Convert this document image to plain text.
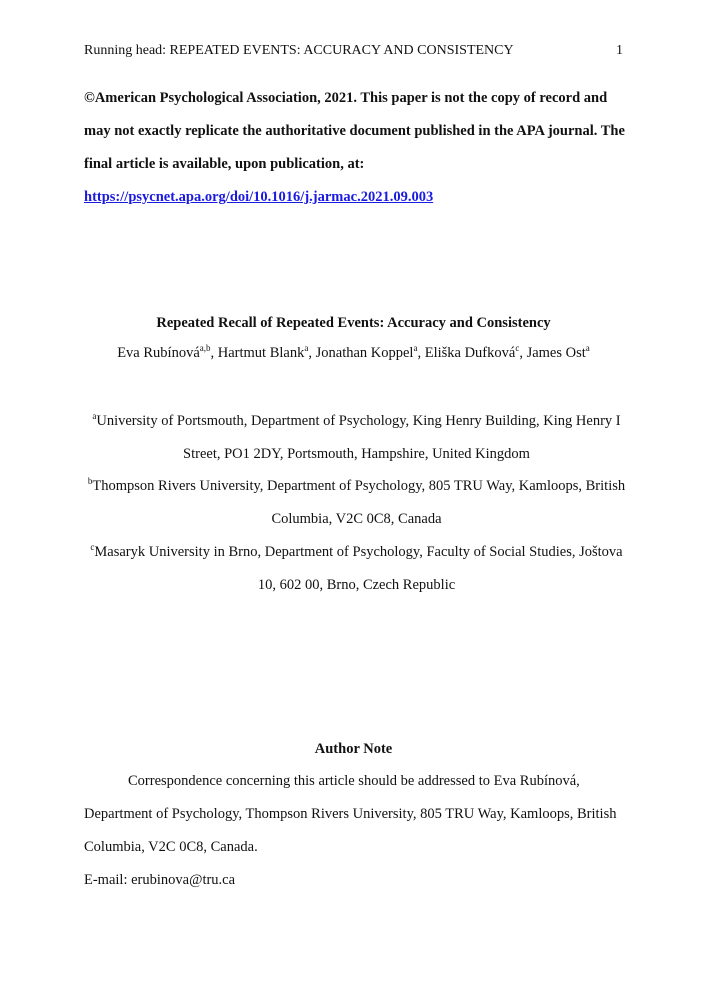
Running head: REPEATED EVENTS: ACCURACY AND CONSISTENCY	1
©American Psychological Association, 2021. This paper is not the copy of record and may not exactly replicate the authoritative document published in the APA journal. The final article is available, upon publication, at:
https://psycnet.apa.org/doi/10.1016/j.jarmac.2021.09.003
Repeated Recall of Repeated Events: Accuracy and Consistency
Eva Rubínová$^{a,b}$, Hartmut Blank$^a$, Jonathan Koppel$^a$, Eliška Dufková$^c$, James Ost$^a$
$^a$University of Portsmouth, Department of Psychology, King Henry Building, King Henry I Street, PO1 2DY, Portsmouth, Hampshire, United Kingdom
$^b$Thompson Rivers University, Department of Psychology, 805 TRU Way, Kamloops, British Columbia, V2C 0C8, Canada
$^c$Masaryk University in Brno, Department of Psychology, Faculty of Social Studies, Joštova 10, 602 00, Brno, Czech Republic
Author Note
Correspondence concerning this article should be addressed to Eva Rubínová, Department of Psychology, Thompson Rivers University, 805 TRU Way, Kamloops, British Columbia, V2C 0C8, Canada.
E-mail: erubinova@tru.ca
